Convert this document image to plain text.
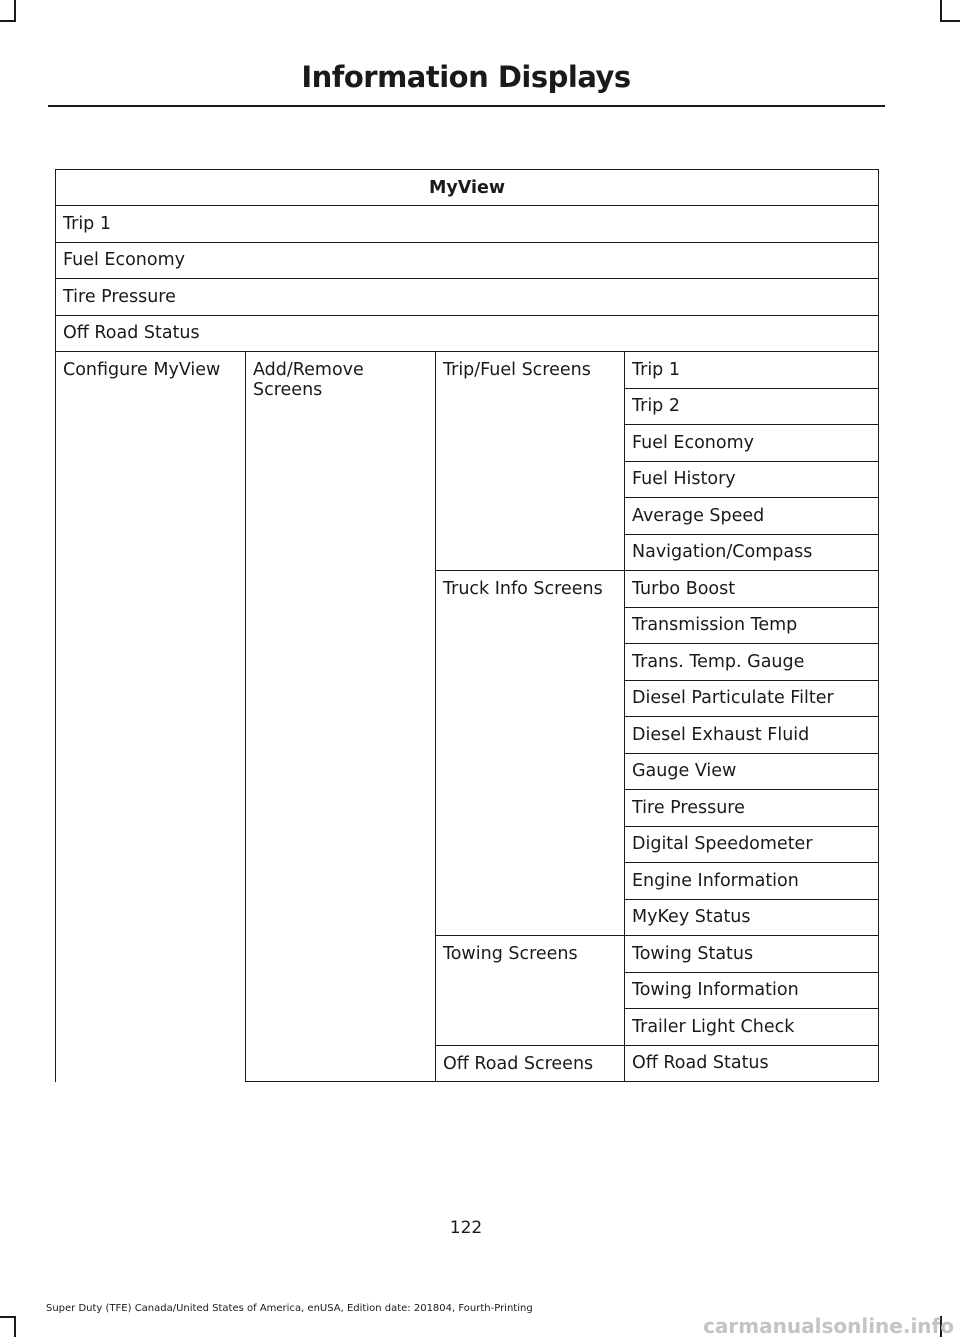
Information Displays
MyView			
Trip 1			
Fuel Economy			
Tire Pressure			
Off Road Status			
Configure MyView	Add/Remove Screens	Trip/Fuel Screens	Trip 1
			Trip 2
			Fuel Economy
			Fuel History
			Average Speed
			Navigation/Compass
		Truck Info Screens	Turbo Boost
			Transmission Temp
			Trans. Temp. Gauge
			Diesel Particulate Filter
			Diesel Exhaust Fluid
			Gauge View
			Tire Pressure
			Digital Speedometer
			Engine Information
			MyKey Status
		Towing Screens	Towing Status
			Towing Information
			Trailer Light Check
		Off Road Screens	Off Road Status
122
Super Duty (TFE) Canada/United States of America, enUSA, Edition date: 201804, Fourth-Printing
carmanualsonline.info
